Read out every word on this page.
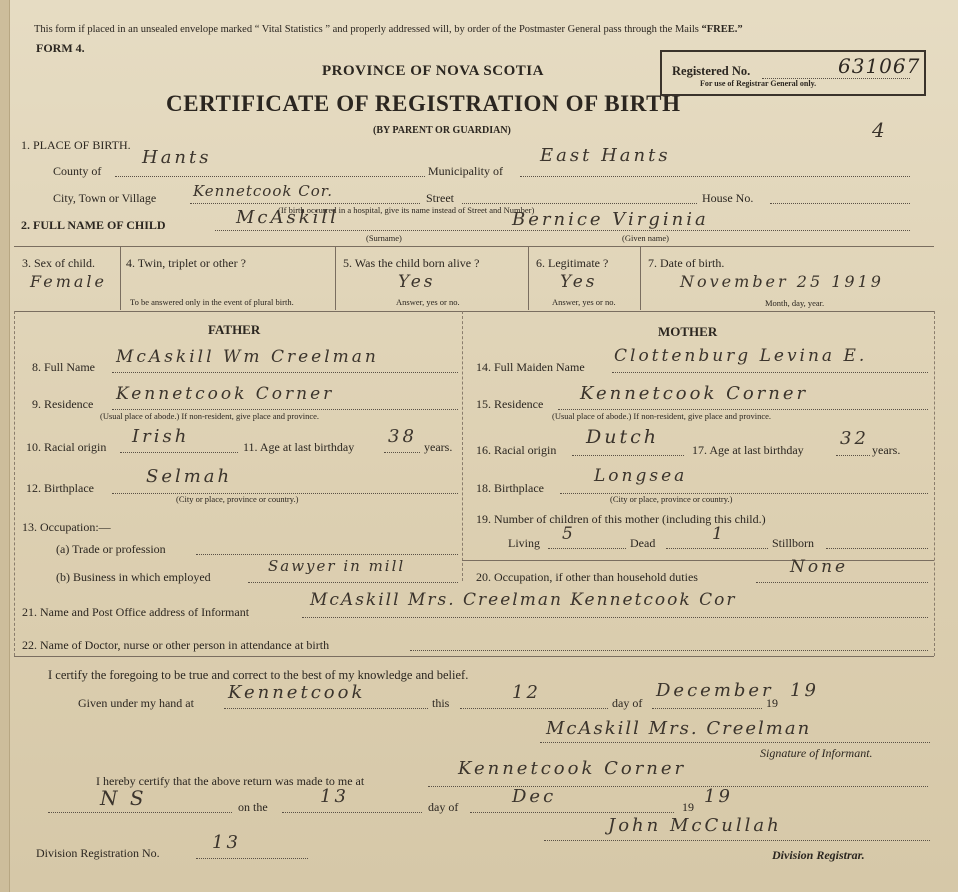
This form if placed in an unsealed envelope marked “ Vital Statistics ” and properly addressed will, by order of the Postmaster General pass through the Mails “FREE.”
FORM 4.
PROVINCE OF NOVA SCOTIA
CERTIFICATE OF REGISTRATION OF BIRTH
(BY PARENT OR GUARDIAN)
Registered No.	631067
For use of Registrar General only.
4
1. PLACE OF BIRTH.
County of
Hants
Municipality of
East Hants
City, Town or Village Kennetcook Cor.	Street
(If birth occurred in a hospital, give its name instead of Street and Number)
House No.
2. FULL NAME OF CHILD	McAskill	Bernice Virginia
(Surname)	(Given name)
3. Sex of child.
Female
4. Twin, triplet or other ?
To be answered only in the event of plural birth.
5. Was the child born alive ?
Yes
Answer, yes or no.
6. Legitimate ?
Yes
Answer, yes or no.
7. Date of birth.
November 25 1919
Month, day, year.
FATHER	MOTHER
8. Full Name McAskill Wm Creelman
9. Residence Kennetcook Corner
(Usual place of abode.) If non-resident, give place and province.
10. Racial origin Irish	11. Age at last birthday 38 years.
12. Birthplace
Selmah
(City or place, province or country.)
13. Occupation:—
(a) Trade or profession
(b) Business in which employed
Sawyer in mill
14. Full Maiden Name
Clottenburg Levina E.
15. Residence Kennetcook Corner
(Usual place of abode.) If non-resident, give place and province.
16. Racial origin
Dutch
17. Age at last birthday
32
years.
18. Birthplace
Longsea
(City or place, province or country.)
19. Number of children of this mother (including this child.)
Living 5	Dead	1	Stillborn
20. Occupation, if other than household duties	None
21. Name and Post Office address of Informant
McAskill Mrs. Creelman Kennetcook Cor
22. Name of Doctor, nurse or other person in attendance at birth
I certify the foregoing to be true and correct to the best of my knowledge and belief.
Given under my hand at Kennetcook	this	12	day of
December
19
19
McAskill Mrs. Creelman
Signature of Informant.
I hereby certify that the above return was made to me at
Kennetcook Corner
N S	on the	13	day of	Dec	19 19
John McCullah
Division Registration No.	13
Division Registrar.
